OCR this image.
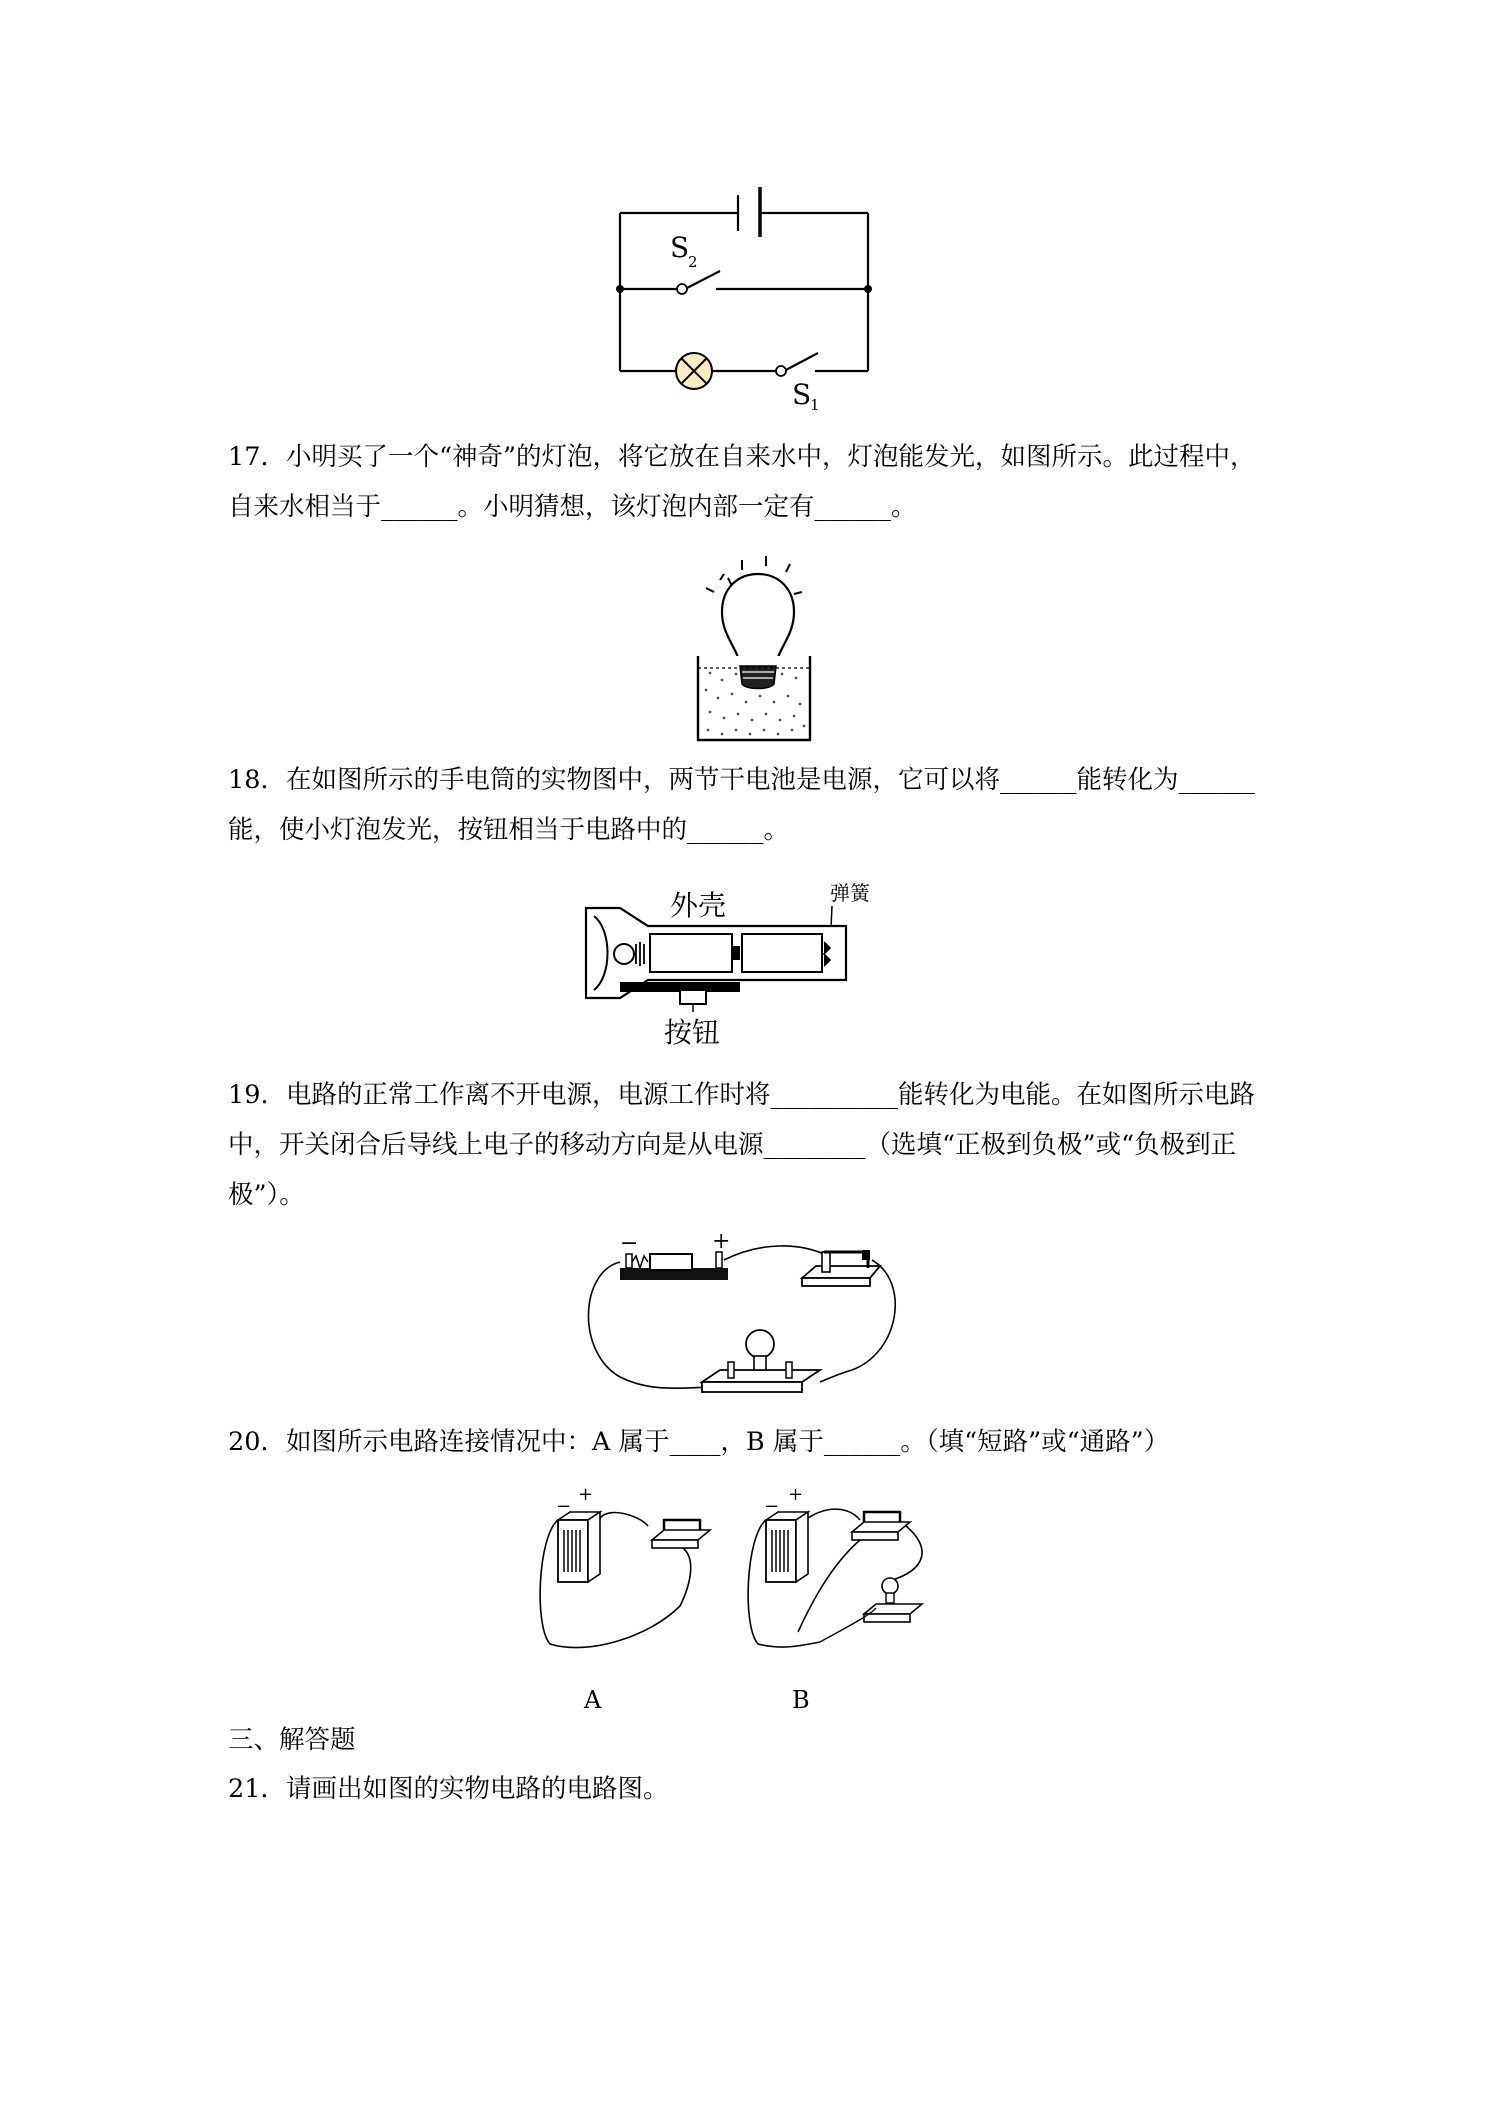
S
2
S
1

17．小明买了一个“神奇”的灯泡，将它放在自来水中，灯泡能发光，如图所示。此过程中，

自来水相当于______。小明猜想，该灯泡内部一定有______。

18．在如图所示的手电筒的实物图中，两节干电池是电源，它可以将______能转化为______

能，使小灯泡发光，按钮相当于电路中的______。

外壳	弹簧
按钮

19．电路的正常工作离不开电源，电源工作时将__________能转化为电能。在如图所示电路

中，开关闭合后导线上电子的移动方向是从电源________（选填“正极到负极”或“负极到正

极”）。

−	+

20．如图所示电路连接情况中：A 属于____，B 属于______。（填“短路”或“通路”）

−
+
A
−
+
B
三、解答题

21．请画出如图的实物电路的电路图。
